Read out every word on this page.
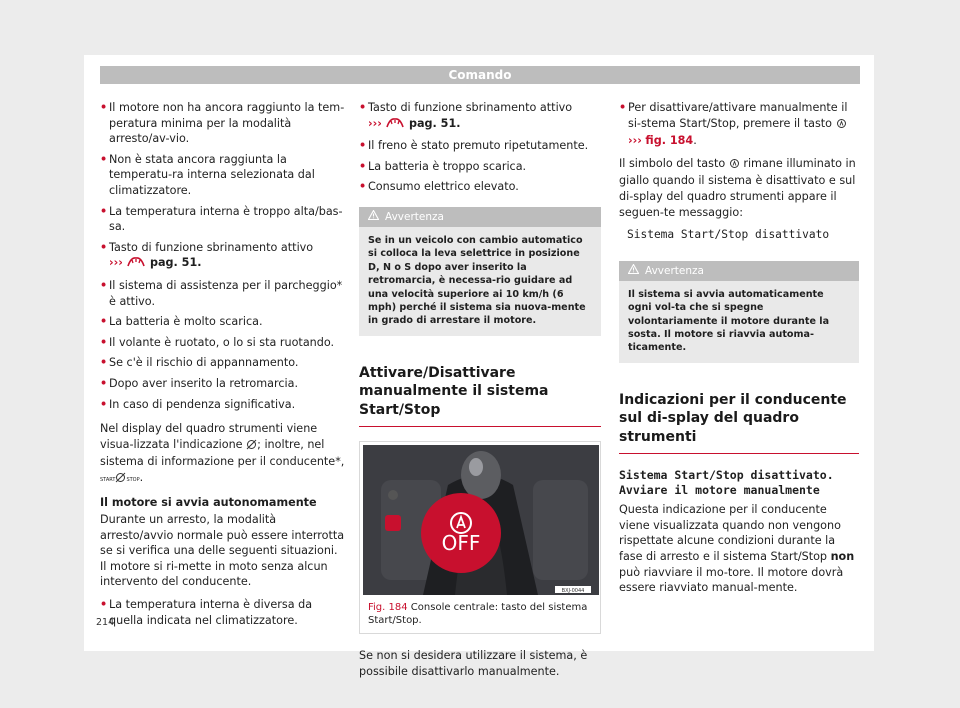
Comando
• Il motore non ha ancora raggiunto la tem-peratura minima per la modalità arresto/av-vio.
• Non è stata ancora raggiunta la temperatu-ra interna selezionata dal climatizzatore.
• La temperatura interna è troppo alta/bas-sa.
• Tasto di funzione sbrinamento attivo
››› pag. 51.
• Il sistema di assistenza per il parcheggio* è attivo.
• La batteria è molto scarica.
• Il volante è ruotato, o lo si sta ruotando.
• Se c'è il rischio di appannamento.
• Dopo aver inserito la retromarcia.
• In caso di pendenza significativa.

Nel display del quadro strumenti viene visua-lizzata l'indicazione ; inoltre, nel sistema di informazione per il conducente*, START STOP.

Il motore si avvia autonomamente

Durante un arresto, la modalità arresto/avvio normale può essere interrotta se si verifica una delle seguenti situazioni. Il motore si ri-mette in moto senza alcun intervento del conducente.

• La temperatura interna è diversa da quella indicata nel climatizzatore.
• Tasto di funzione sbrinamento attivo
››› pag. 51.
• Il freno è stato premuto ripetutamente.
• La batteria è troppo scarica.
• Consumo elettrico elevato.
Avvertenza
Se in un veicolo con cambio automatico si colloca la leva selettrice in posizione D, N o S dopo aver inserito la retromarcia, è necessa-rio guidare ad una velocità superiore ai 10 km/h (6 mph) perché il sistema sia nuova-mente in grado di arrestare il motore.
Attivare/Disattivare manualmente il sistema Start/Stop
OFF
BXJ-0044
Fig. 184 Console centrale: tasto del sistema Start/Stop.

Se non si desidera utilizzare il sistema, è possibile disattivarlo manualmente.

• Per disattivare/attivare manualmente il si-stema Start/Stop, premere il tasto
››› fig. 184.

Il simbolo del tasto rimane illuminato in giallo quando il sistema è disattivato e sul di-splay del quadro strumenti appare il seguen-te messaggio:

Sistema Start/Stop disattivato

Avvertenza
Il sistema si avvia automaticamente ogni vol-ta che si spegne volontariamente il motore durante la sosta. Il motore si riavvia automa-ticamente.
Indicazioni per il conducente sul di-splay del quadro strumenti
Sistema Start/Stop disattivato.
Avviare il motore manualmente

Questa indicazione per il conducente viene visualizzata quando non vengono rispettate alcune condizioni durante la fase di arresto e il sistema Start/Stop non può riavviare il mo-tore. Il motore dovrà essere riavviato manual-mente.

214
